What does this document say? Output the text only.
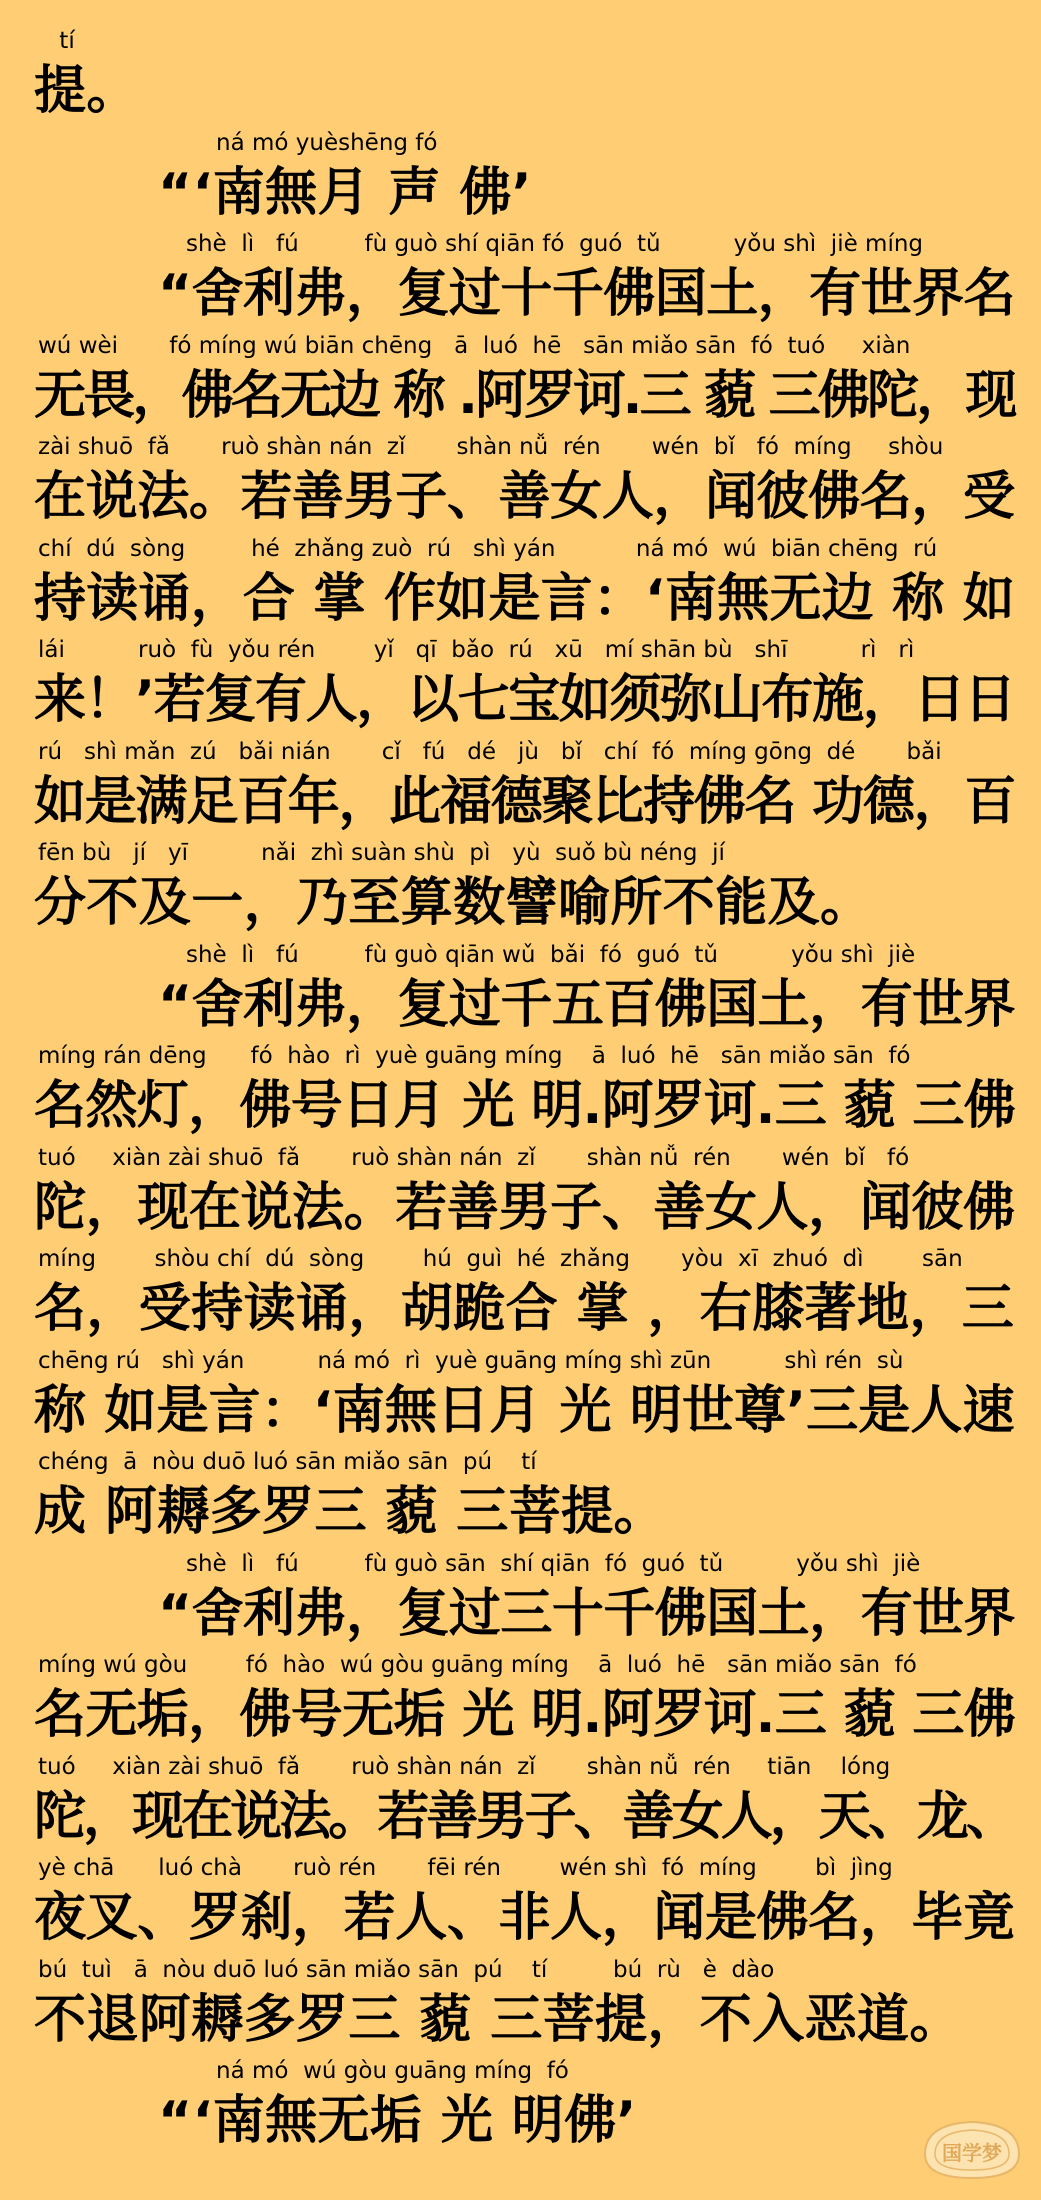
tí
提。
ná mó yuèshēng fó
“‘南無月 声 佛’
shè  lì   fú         fù guò shí qiān fó  guó  tǔ          yǒu shì  jiè míng
“舍利弗，复过十千佛国土，有世界名
wú wèi       fó míng wú biān chēng   ā  luó  hē   sān miǎo sān  fó  tuó     xiàn
无畏，佛名无边 称 .阿罗诃.三 藐 三佛陀，现
zài shuō  fǎ       ruò shàn nán  zǐ       shàn nǚ  rén       wén  bǐ   fó  míng     shòu
在说法。若善男子、善女人，闻彼佛名，受
chí  dú  sòng         hé  zhǎng zuò  rú   shì yán           ná mó  wú  biān chēng  rú
持读诵，合 掌 作如是言：‘南無无边 称 如
lái          ruò  fù  yǒu rén        yǐ   qī  bǎo  rú   xū   mí shān bù   shī          rì   rì
来！’若复有人，以七宝如须弥山布施，日日
rú   shì mǎn  zú   bǎi nián       cǐ   fú   dé   jù   bǐ   chí  fó  míng gōng  dé       bǎi
如是满足百年，此福德聚比持佛名 功德，百
fēn bù   jí   yī          nǎi  zhì suàn shù  pì   yù  suǒ bù néng  jí
分不及一，乃至算数譬喻所不能及。
shè  lì   fú         fù guò qiān wǔ  bǎi  fó  guó  tǔ          yǒu shì  jiè
“舍利弗，复过千五百佛国土，有世界
míng rán dēng      fó  hào  rì  yuè guāng míng    ā  luó  hē   sān miǎo sān  fó
名然灯，佛号日月 光 明.阿罗诃.三 藐 三佛
tuó     xiàn zài shuō  fǎ       ruò shàn nán  zǐ       shàn nǚ  rén       wén  bǐ   fó
陀，现在说法。若善男子、善女人，闻彼佛
míng        shòu chí  dú  sòng        hú  guì  hé  zhǎng       yòu  xī  zhuó  dì        sān
名，受持读诵，胡跪合 掌 ，右膝著地，三
chēng rú   shì yán          ná mó  rì  yuè guāng míng shì zūn          shì rén  sù
称 如是言：‘南無日月 光 明世尊’三是人速
chéng  ā  nòu duō luó sān miǎo sān  pú    tí
成 阿耨多罗三 藐 三菩提。
shè  lì   fú         fù guò sān  shí qiān  fó  guó  tǔ          yǒu shì  jiè
“舍利弗，复过三十千佛国土，有世界
míng wú gòu        fó  hào  wú gòu guāng míng    ā  luó  hē   sān miǎo sān  fó
名无垢，佛号无垢 光 明.阿罗诃.三 藐 三佛
tuó     xiàn zài shuō  fǎ       ruò shàn nán  zǐ       shàn nǚ  rén     tiān    lóng
陀，现在说法。若善男子、善女人，天、龙、
yè chā      luó chà       ruò rén       fēi rén        wén shì  fó  míng        bì  jìng
夜叉、罗刹，若人、非人，闻是佛名，毕竟
bú  tuì   ā  nòu duō luó sān miǎo sān  pú    tí         bú  rù   è  dào
不退阿耨多罗三 藐 三菩提，不入恶道。
ná mó  wú gòu guāng míng  fó
“‘南無无垢 光 明佛’
国学梦
